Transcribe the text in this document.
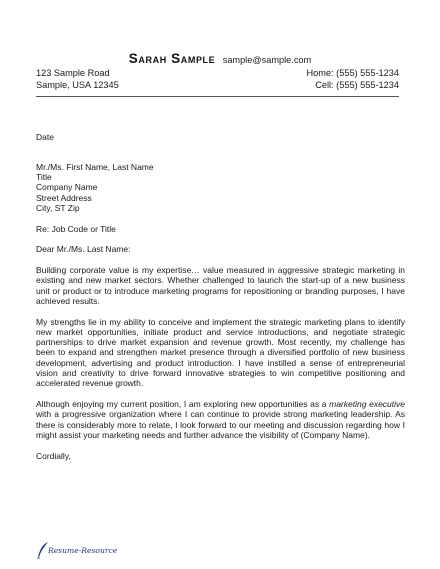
Sarah Sample sample@sample.com
123 Sample Road
Sample, USA 12345
Home: (555) 555-1234
Cell: (555) 555-1234
Date
Mr./Ms. First Name, Last Name
Title
Company Name
Street Address
City, ST Zip
Re: Job Code or Title
Dear Mr./Ms. Last Name:

Building corporate value is my expertise… value measured in aggressive strategic marketing in existing and new market sectors. Whether challenged to launch the start-up of a new business unit or product or to introduce marketing programs for repositioning or branding purposes, I have achieved results.

My strengths lie in my ability to conceive and implement the strategic marketing plans to identify new market opportunities, initiate product and service introductions, and negotiate strategic partnerships to drive market expansion and revenue growth. Most recently, my challenge has been to expand and strengthen market presence through a diversified portfolio of new business development, advertising and product introduction. I have instilled a sense of entrepreneurial vision and creativity to drive forward innovative strategies to win competitive positioning and accelerated revenue growth.

Although enjoying my current position, I am exploring new opportunities as a marketing executive with a progressive organization where I can continue to provide strong marketing leadership. As there is considerably more to relate, I look forward to our meeting and discussion regarding how I might assist your marketing needs and further advance the visibility of (Company Name).

Cordially,
Resume-Resource
